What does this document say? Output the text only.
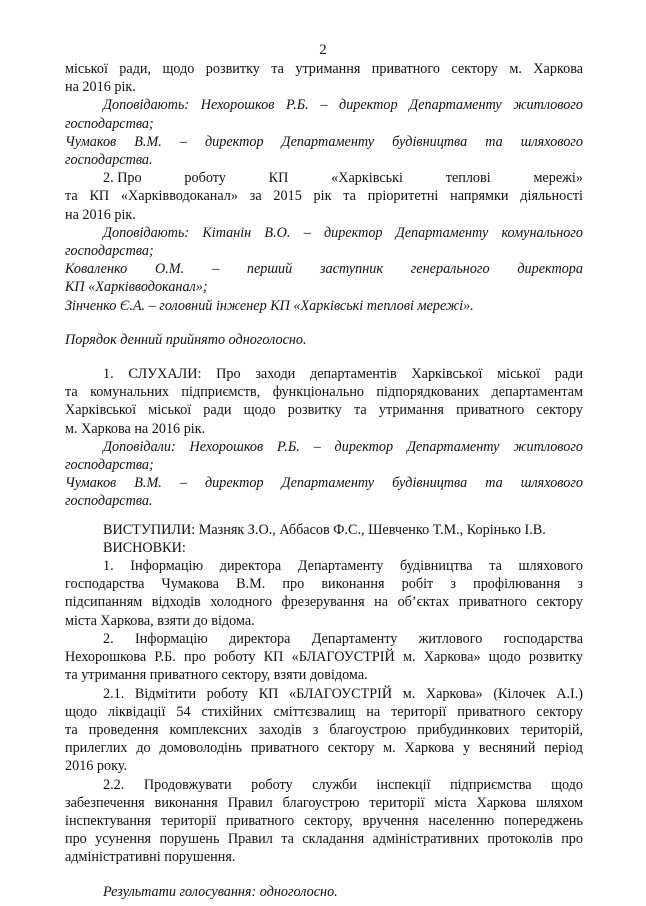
2

міської ради, щодо розвитку та утримання приватного сектору м. Харкова

на 2016 рік.

Доповідають: Нехорошков Р.Б. – директор Департаменту житлового

господарства;

Чумаков В.М. – директор Департаменту будівництва та шляхового

господарства.

2. Про	роботу	КП	«Харківські	теплові	мережі»

та КП «Харківводоканал» за 2015 рік та пріоритетні напрямки діяльності

на 2016 рік.

Доповідають: Кітанін В.О. – директор Департаменту комунального

господарства;

Коваленко О.М. – перший заступник генерального директора

КП «Харківводоканал»;

Зінченко Є.А. – головний інженер КП «Харківські теплові мережі».

Порядок денний прийнято одноголосно.

1. СЛУХАЛИ: Про заходи департаментів Харківської міської ради

та комунальних підприємств, функціонально підпорядкованих департаментам

Харківської міської ради щодо розвитку та утримання приватного сектору

м. Харкова на 2016 рік.

Доповідали: Нехорошков Р.Б. – директор Департаменту житлового

господарства;

Чумаков В.М. – директор Департаменту будівництва та шляхового

господарства.

ВИСТУПИЛИ: Мазняк З.О., Аббасов Ф.С., Шевченко Т.М., Корінько І.В.

ВИСНОВКИ:

1. Інформацію директора Департаменту будівництва та шляхового

господарства Чумакова В.М. про виконання робіт з профілювання з

підсипанням відходів холодного фрезерування на об’єктах приватного сектору

міста Харкова, взяти до відома.

2. Інформацію директора Департаменту житлового господарства

Нехорошкова Р.Б. про роботу КП «БЛАГОУСТРІЙ м. Харкова» щодо розвитку

та утримання приватного сектору, взяти довідома.

2.1. Відмітити роботу КП «БЛАГОУСТРІЙ м. Харкова» (Кілочек А.І.)

щодо ліквідації 54 стихійних сміттєзвалищ на території приватного сектору

та проведення комплексних заходів з благоустрою прибудинкових територій,

прилеглих до домоволодінь приватного сектору м. Харкова у весняний період

2016 року.

2.2. Продовжувати роботу служби інспекції підприємства щодо

забезпечення виконання Правил благоустрою території міста Харкова шляхом

інспектування території приватного сектору, вручення населенню попереджень

про усунення порушень Правил та складання адміністративних протоколів про

адміністративні порушення.

Результати голосування: одноголосно.
